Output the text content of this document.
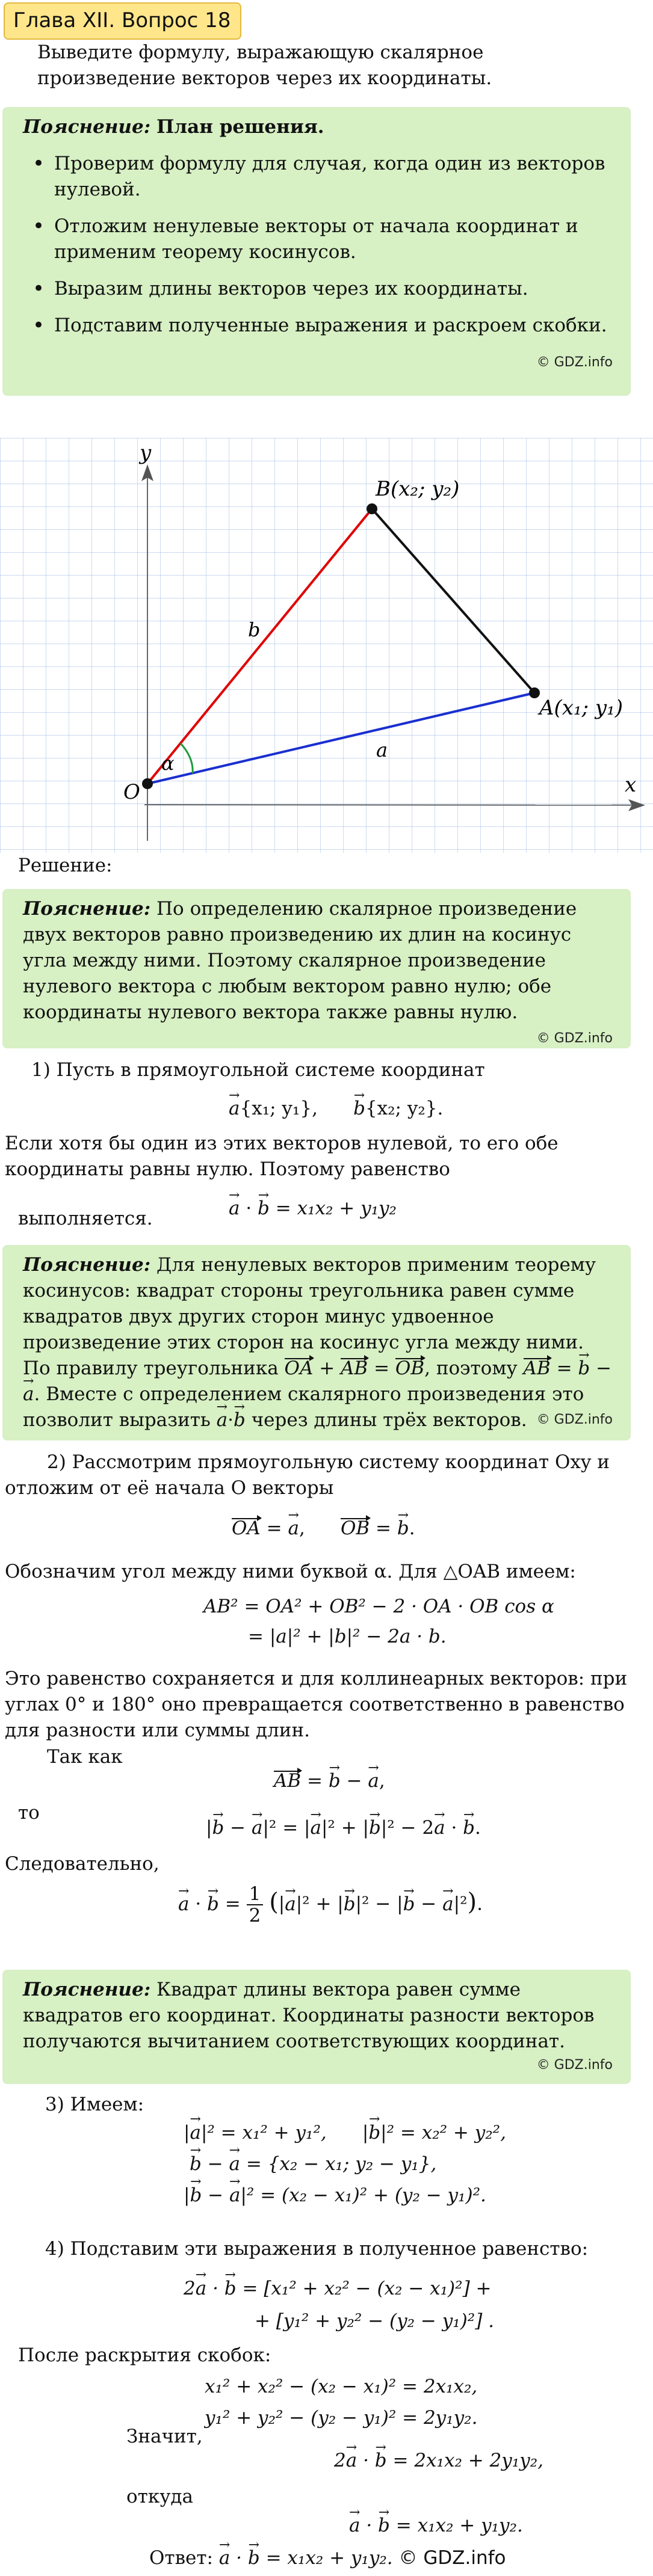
Глава XII. Вопрос 18
Выведите формулу, выражающую скалярное произведение векторов через их координаты.
Пояснение: План решения.
• Проверим формулу для случая, когда один из векторов нулевой.
• Отложим ненулевые векторы от начала координат и применим теорему косинусов.
• Выразим длины векторов через их координаты.
• Подставим полученные выражения и раскроем скобки.
© GDZ.info
y
x
O
B(x₂; y₂)
A(x₁; y₁)
b
a
α
Решение:
Пояснение: По определению скалярное произведение двух векторов равно произведению их длин на косинус угла между ними. Поэтому скалярное произведение нулевого вектора с любым вектором равно нулю; обе координаты нулевого вектора также равны нулю.
© GDZ.info
1) Пусть в прямоугольной системе координат
→ a{x₁; y₁}, → b{x₂; y₂}.
Если хотя бы один из этих векторов нулевой, то его обе координаты равны нулю. Поэтому равенство
→ a · → b = x₁x₂ + y₁y₂
выполняется.
Пояснение: Для ненулевых векторов применим теорему косинусов: квадрат стороны треугольника равен сумме квадратов двух других сторон минус удвоенное произведение этих сторон на косинус угла между ними. По правилу треугольника OA + AB = OB, поэтому AB = → b − → a. Вместе с определением скалярного произведения это позволит выразить → a·→ b через длины трёх векторов. © GDZ.info
2) Рассмотрим прямоугольную систему координат Oxy и отложим от её начала O векторы
OA = → a,      OB = → b.
Обозначим угол между ними буквой α. Для △OAB имеем:
AB² = OA² + OB² − 2 · OA · OB cos α
= |a|² + |b|² − 2a · b.
Это равенство сохраняется и для коллинеарных векторов: при углах 0° и 180° оно превращается соответственно в равенство для разности или суммы длин.
Так как
AB = → b − → a,
то
|→ b − → a|² = |→ a|² + |→ b|² − 2→ a · → b.
Следовательно,
→ a · → $b = \frac{1}{2}$ (|→ a|² + |→ b|² − |→ b − → a|²).
Пояснение: Квадрат длины вектора равен сумме квадратов его координат. Координаты разности векторов получаются вычитанием соответствующих координат.
© GDZ.info
3) Имеем:
|→ a|² = x₁² + y₁²,      |→ b|² = x₂² + y₂²,
→ b − → a = {x₂ − x₁; y₂ − y₁},
|→ b − → a|² = (x₂ − x₁)² + (y₂ − y₁)².
4) Подставим эти выражения в полученное равенство:
2→ a · → b = [x₁² + x₂² − (x₂ − x₁)²] +
+ [y₁² + y₂² − (y₂ − y₁)²] .
После раскрытия скобок:
x₁² + x₂² − (x₂ − x₁)² = 2x₁x₂,
y₁² + y₂² − (y₂ − y₁)² = 2y₁y₂.
Значит,
2→ a · → b = 2x₁x₂ + 2y₁y₂,
откуда
→ a · → b = x₁x₂ + y₁y₂.
Ответ: → a · → b = x₁x₂ + y₁y₂. © GDZ.info
